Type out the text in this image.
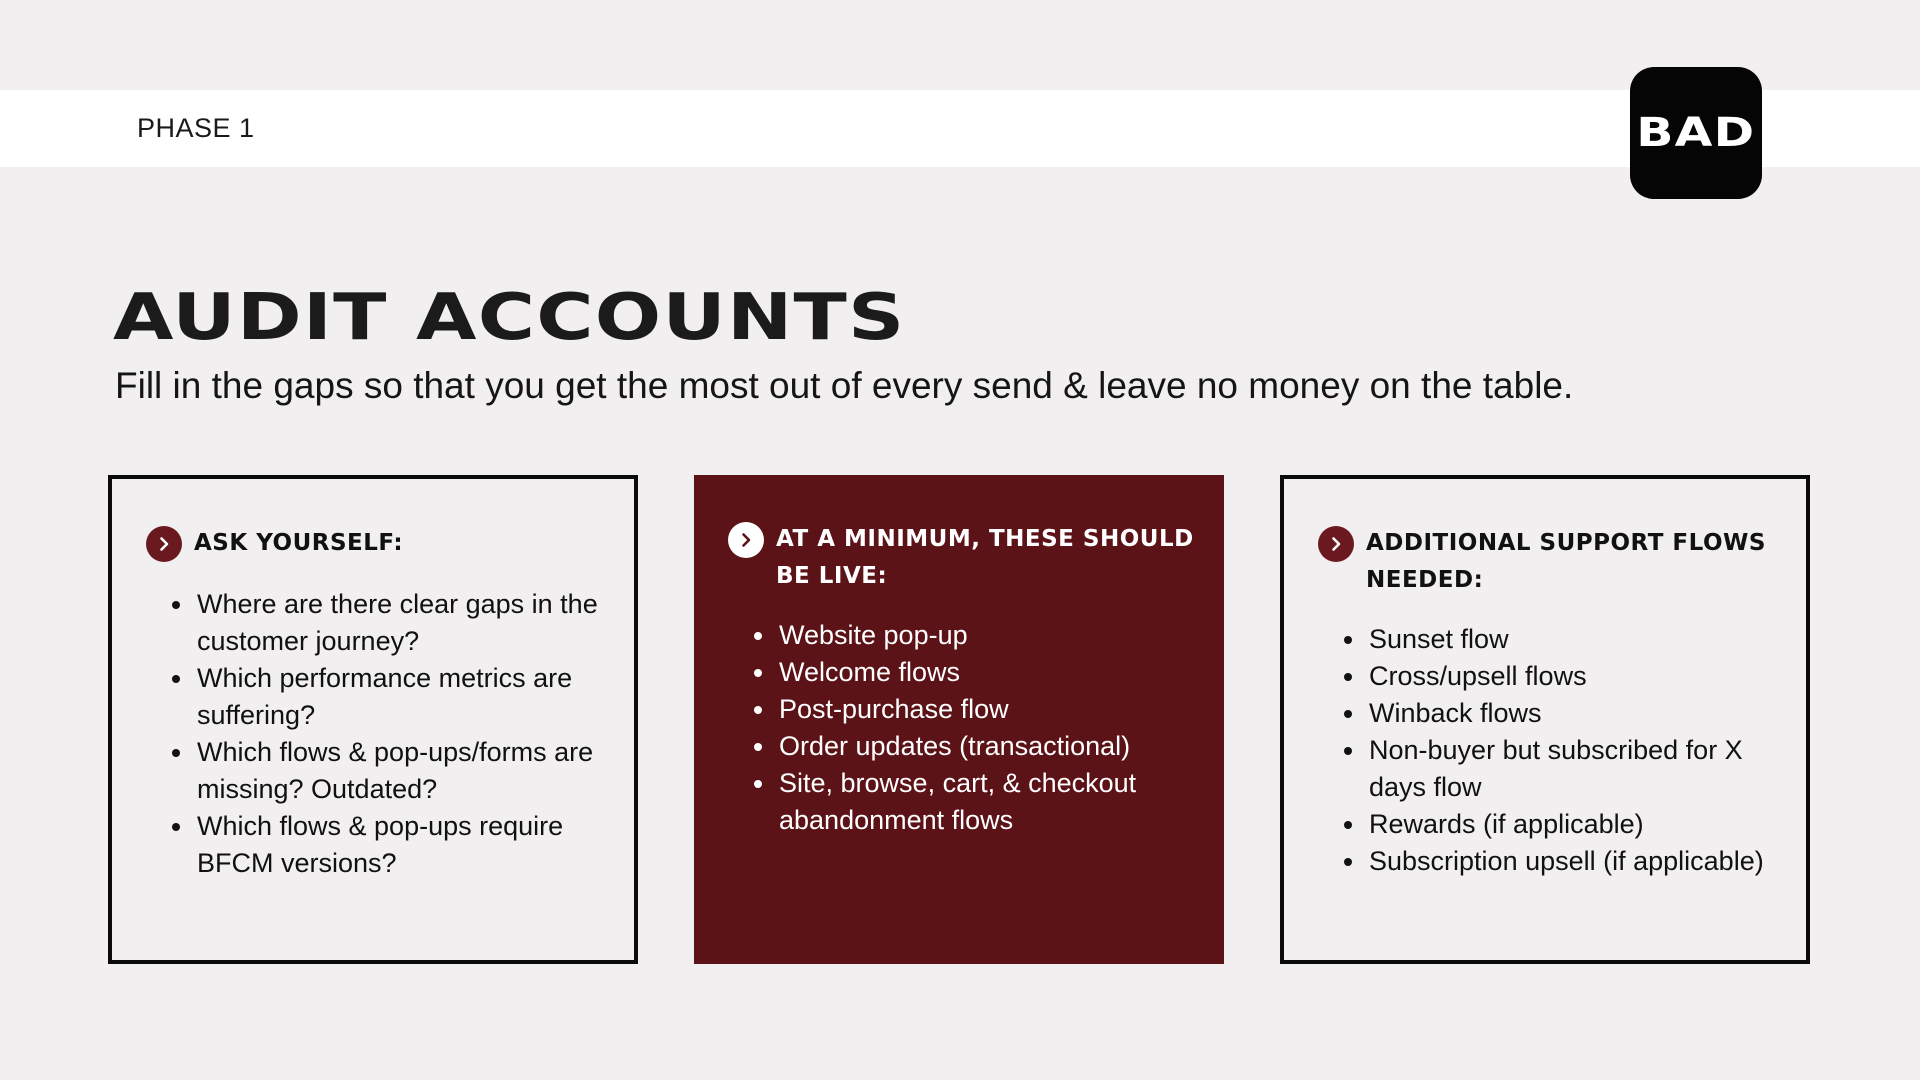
PHASE 1	BAD
AUDIT ACCOUNTS

Fill in the gaps so that you get the most out of every send & leave no money on the table.

ASK YOURSELF:
• Where are there clear gaps in the customer journey?
• Which performance metrics are suffering?
• Which flows & pop-ups/forms are missing? Outdated?
• Which flows & pop-ups require BFCM versions?
AT A MINIMUM, THESE SHOULD BE LIVE:
• Website pop-up
• Welcome flows
• Post-purchase flow
• Order updates (transactional)
• Site, browse, cart, & checkout abandonment flows
ADDITIONAL SUPPORT FLOWS NEEDED:
• Sunset flow
• Cross/upsell flows
• Winback flows
• Non-buyer but subscribed for X days flow
• Rewards (if applicable)
• Subscription upsell (if applicable)
